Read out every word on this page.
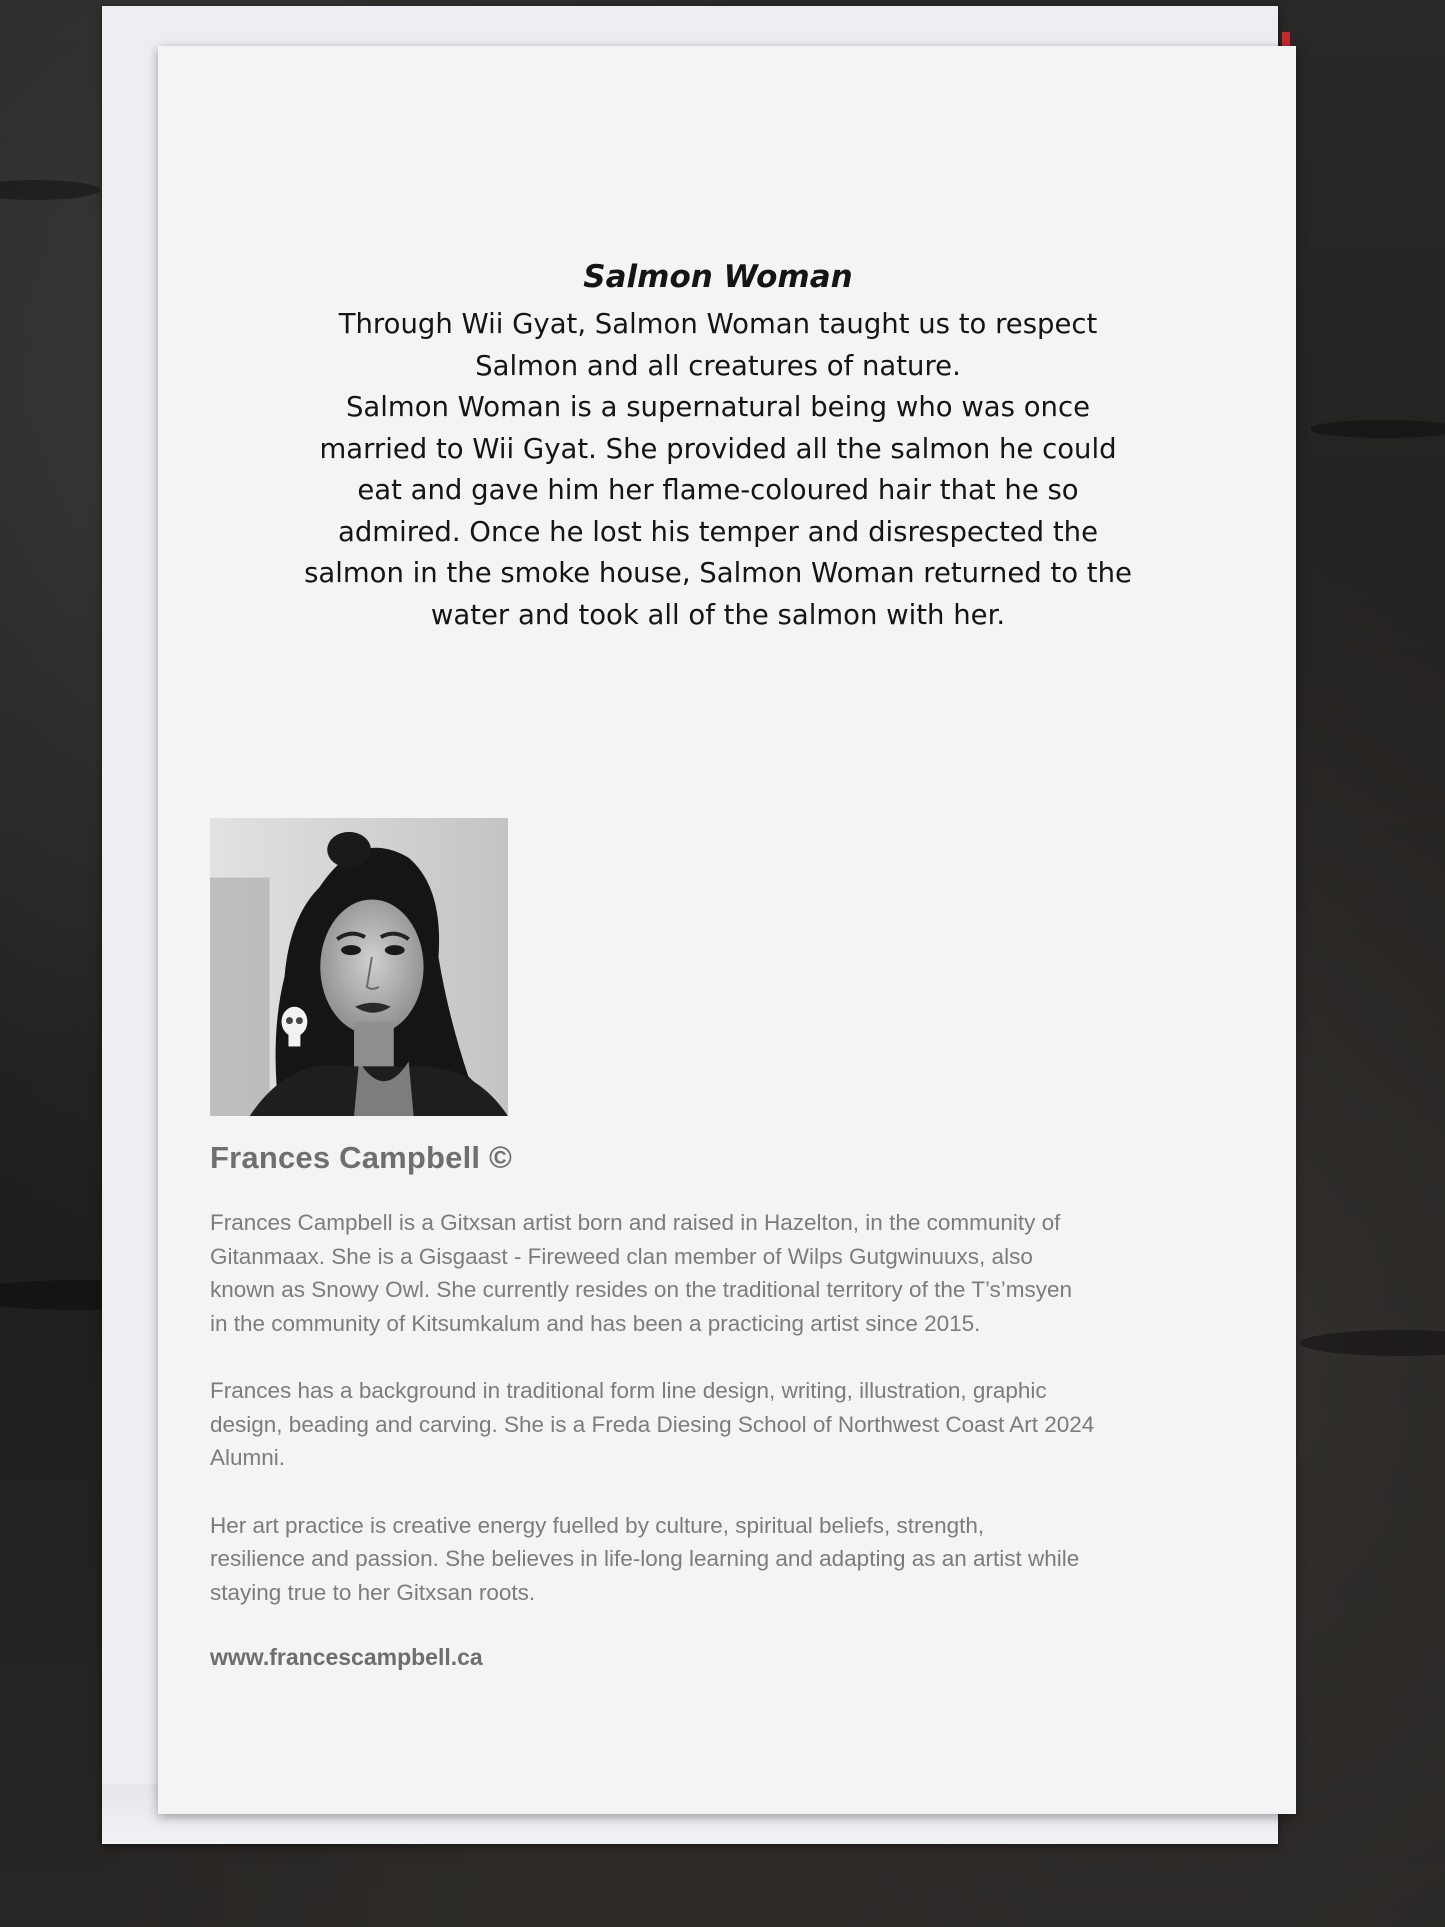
Salmon Woman
Through Wii Gyat, Salmon Woman taught us to respect
Salmon and all creatures of nature.
Salmon Woman is a supernatural being who was once
married to Wii Gyat. She provided all the salmon he could
eat and gave him her flame-coloured hair that he so
admired. Once he lost his temper and disrespected the
salmon in the smoke house, Salmon Woman returned to the
water and took all of the salmon with her.
Frances Campbell ©

Frances Campbell is a Gitxsan artist born and raised in Hazelton, in the community of
Gitanmaax. She is a Gisgaast - Fireweed clan member of Wilps Gutgwinuuxs, also
known as Snowy Owl. She currently resides on the traditional territory of the T’s’msyen
in the community of Kitsumkalum and has been a practicing artist since 2015.

Frances has a background in traditional form line design, writing, illustration, graphic
design, beading and carving. She is a Freda Diesing School of Northwest Coast Art 2024
Alumni.

Her art practice is creative energy fuelled by culture, spiritual beliefs, strength,
resilience and passion. She believes in life-long learning and adapting as an artist while
staying true to her Gitxsan roots.

www.francescampbell.ca
